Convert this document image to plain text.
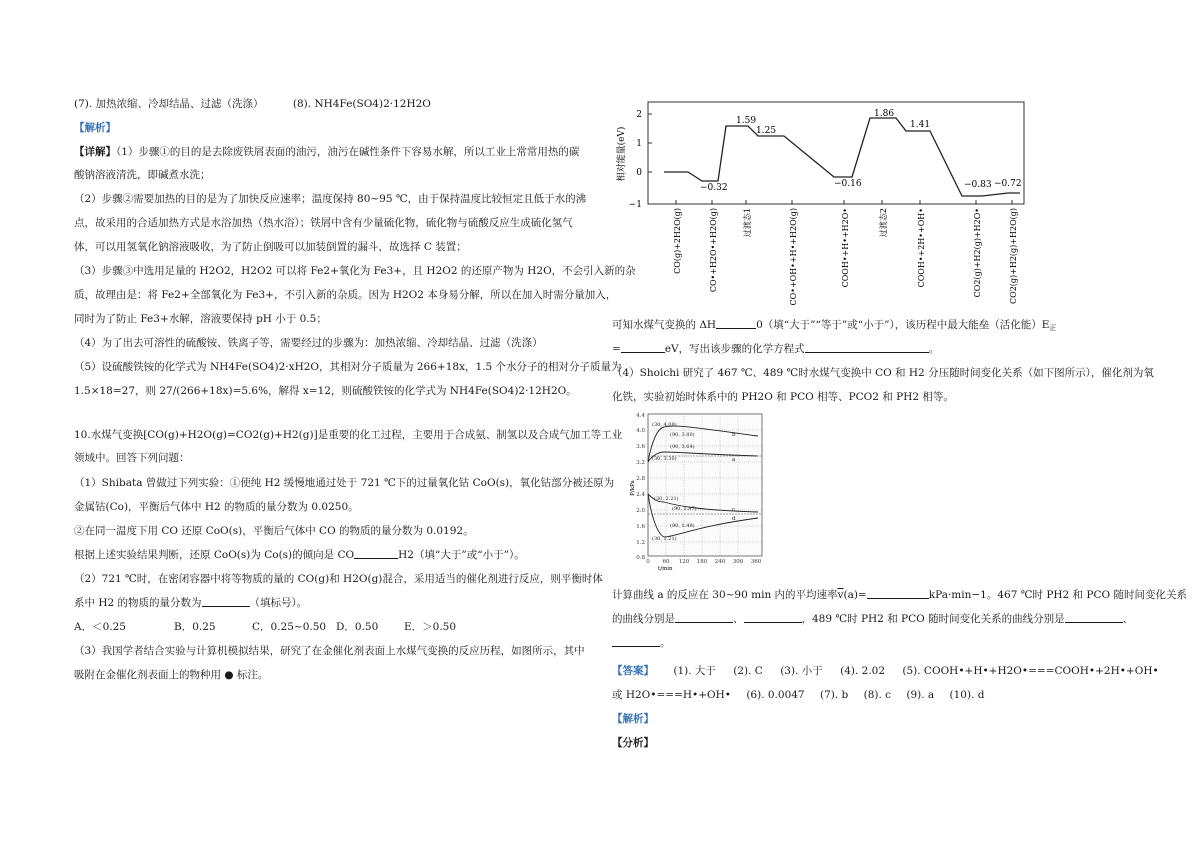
(7). 加热浓缩、冷却结晶、过滤（洗涤）	(8). NH4Fe(SO4)2·12H2O
【解析】
【详解】（1）步骤①的目的是去除废铁屑表面的油污，油污在碱性条件下容易水解，所以工业上常常用热的碳
酸钠溶液清洗，即碱煮水洗；
（2）步骤②需要加热的目的是为了加快反应速率；温度保持 80~95 ℃，由于保持温度比较恒定且低于水的沸
点，故采用的合适加热方式是水浴加热（热水浴）；铁屑中含有少量硫化物，硫化物与硫酸反应生成硫化氢气
体，可以用氢氧化钠溶液吸收，为了防止倒吸可以加装倒置的漏斗，故选择 C 装置；
（3）步骤③中选用足量的 H2O2，H2O2 可以将 Fe2+氧化为 Fe3+，且 H2O2 的还原产物为 H2O，不会引入新的杂
质，故理由是：将 Fe2+全部氧化为 Fe3+，不引入新的杂质。因为 H2O2 本身易分解，所以在加入时需分量加入，
同时为了防止 Fe3+水解，溶液要保持 pH 小于 0.5；
（4）为了出去可溶性的硫酸铵、铁离子等，需要经过的步骤为：加热浓缩、冷却结晶、过滤（洗涤）
（5）设硫酸铁铵的化学式为 NH4Fe(SO4)2·xH2O，其相对分子质量为 266+18x，1.5 个水分子的相对分子质量为
1.5×18=27，则 27/(266+18x)=5.6%，解得 x=12，则硫酸铁铵的化学式为 NH4Fe(SO4)2·12H2O。
10.水煤气变换[CO(g)+H2O(g)=CO2(g)+H2(g)]是重要的化工过程，主要用于合成氨、制氢以及合成气加工等工业
领域中。回答下列问题：
（1）Shibata 曾做过下列实验：①使纯 H2 缓慢地通过处于 721 ℃下的过量氧化钴 CoO(s)，氧化钴部分被还原为
金属钴(Co)，平衡后气体中 H2 的物质的量分数为 0.0250。
②在同一温度下用 CO 还原 CoO(s)，平衡后气体中 CO 的物质的量分数为 0.0192。
根据上述实验结果判断，还原 CoO(s)为 Co(s)的倾向是 CO	H2（填“大于”或“小于”）。
（2）721 ℃时，在密闭容器中将等物质的量的 CO(g)和 H2O(g)混合，采用适当的催化剂进行反应，则平衡时体
系中 H2 的物质的量分数为	（填标号）。
A．＜0.25	B．0.25	C．0.25~0.50 D．0.50 E．＞0.50
（3）我国学者结合实验与计算机模拟结果，研究了在金催化剂表面上水煤气变换的反应历程，如图所示，其中
吸附在金催化剂表面上的物种用 ● 标注。
相对能量(eV)
2
1
0
−1
−0.32
1.59
1.25
−0.16
1.86
1.41
−0.83 −0.72
CO(g)+2H2O(g)	CO•+H2O•+H2O(g)	过渡态1	CO•+OH•+H•+H2O(g)	COOH•+H•+H2O•	过渡态2	COOH•+2H•+OH•	CO2(g)+H2(g)+H2O•	CO2(g)+H2(g)+H2O(g)
可知水煤气变换的 ΔH	0（填“大于”“等于”或“小于”），该历程中最大能垒（活化能）$E_正$
=	eV，写出该步骤的化学方程式	。
（4）Shoichi 研究了 467 ℃、489 ℃时水煤气变换中 CO 和 H2 分压随时间变化关系（如下图所示），催化剂为氧
化铁，实验初始时体系中的 PH2O 和 PCO 相等、PCO2 和 PH2 相等。
4.4
4.0
3.6
3.2
2.8
2.4
2.0
1.6
1.2
0.8
P/kPa
0 60 120 180 240 300 360
t/min
(30, 4.08)
(90, 3.80)
(90, 3.64)
(30, 3.30)
(30, 2.21)
(90, 1.87)
(90, 1.49)
(30, 1.21)
b
a
c
d
计算曲线 a 的反应在 30~90 min 内的平均速率$\overline{v}(a)=$	kPa·min−1。467 ℃时 PH2 和 PCO 随时间变化关系
的曲线分别是	、	，489 ℃时 PH2 和 PCO 随时间变化关系的曲线分别是	、
。
【答案】 (1). 大于 (2). C (3). 小于 (4). 2.02 (5). COOH•+H•+H2O•===COOH•+2H•+OH•
或 H2O•===H•+OH• (6). 0.0047 (7). b (8). c (9). a (10). d
【解析】
【分析】
